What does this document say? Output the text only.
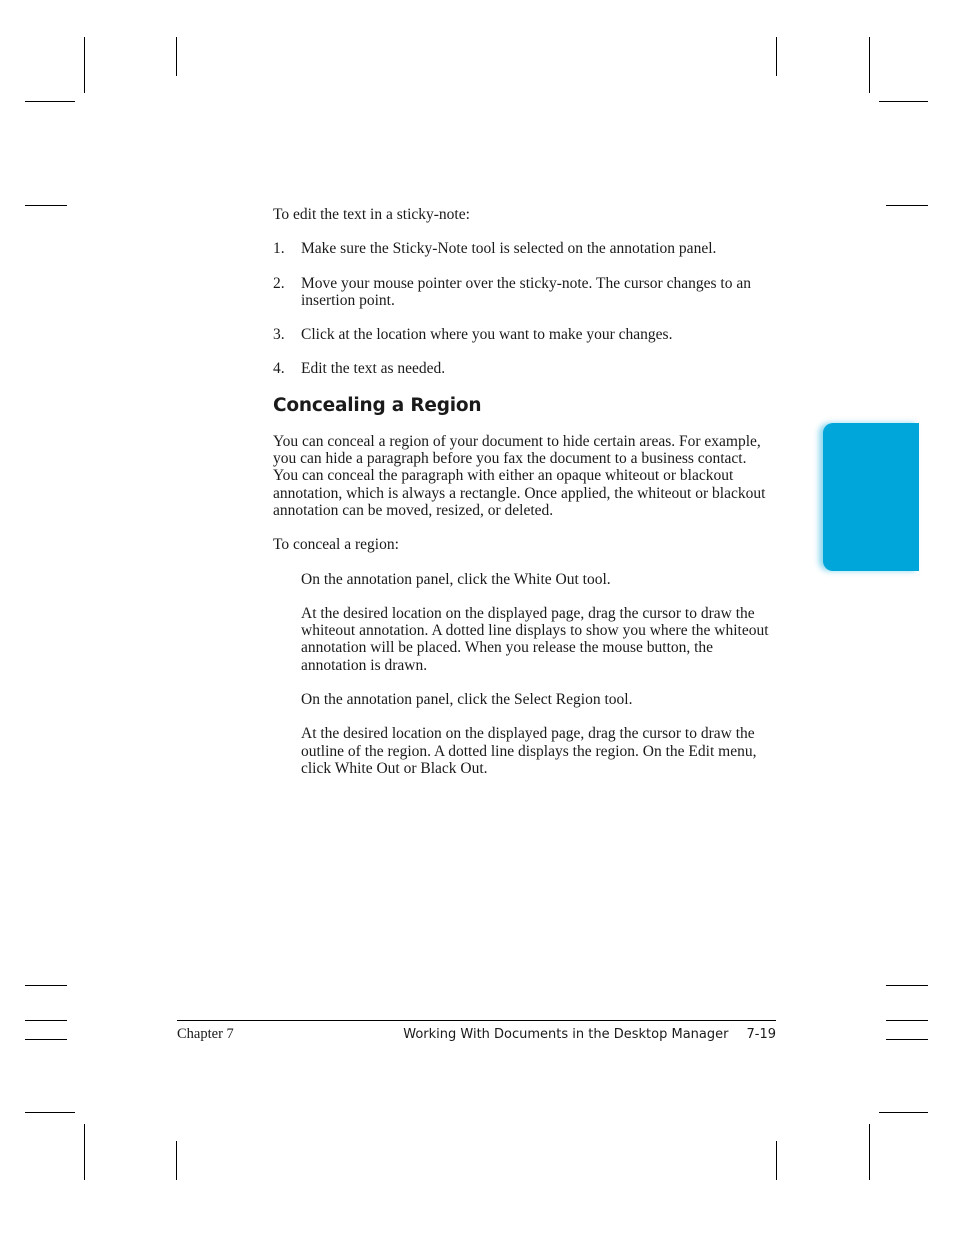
To edit the text in a sticky-note:

1. Make sure the Sticky-Note tool is selected on the annotation panel.
2. Move your mouse pointer over the sticky-note. The cursor changes to an insertion point.
3. Click at the location where you want to make your changes.
4. Edit the text as needed.
Concealing a Region

You can conceal a region of your document to hide certain areas. For example, you can hide a paragraph before you fax the document to a business contact. You can conceal the paragraph with either an opaque whiteout or blackout annotation, which is always a rectangle. Once applied, the whiteout or blackout annotation can be moved, resized, or deleted.

To conceal a region:

On the annotation panel, click the White Out tool.

At the desired location on the displayed page, drag the cursor to draw the whiteout annotation. A dotted line displays to show you where the whiteout annotation will be placed. When you release the mouse button, the annotation is drawn.

On the annotation panel, click the Select Region tool.

At the desired location on the displayed page, drag the cursor to draw the outline of the region. A dotted line displays the region. On the Edit menu, click White Out or Black Out.

Chapter 7	Working With Documents in the Desktop Manager 7-19
